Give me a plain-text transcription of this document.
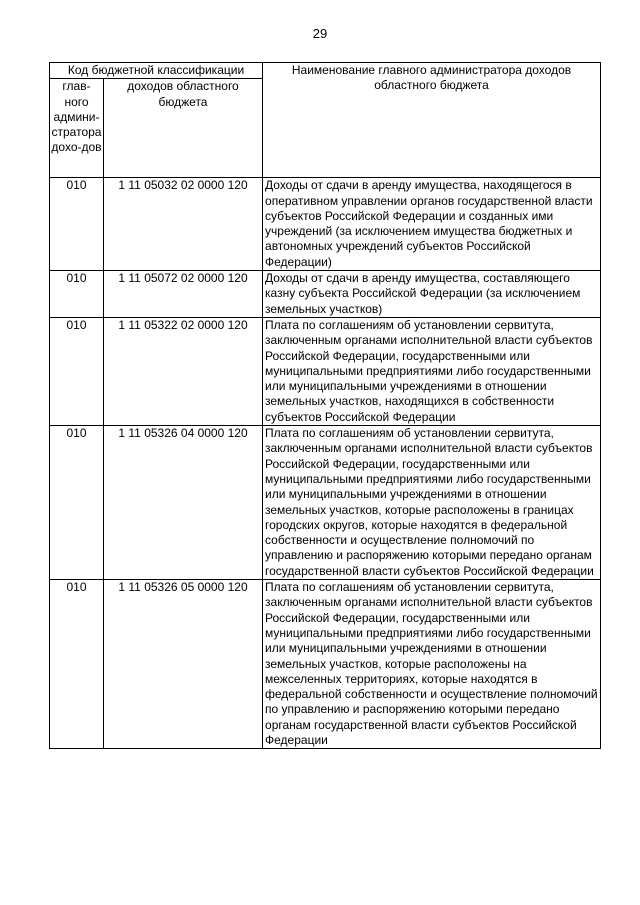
29
Код бюджетной классификации		Наименование главного администратора доходов областного бюджета
глав-ного админи-стратора дохо-дов	доходов областного бюджета	
010	1 11 05032 02 0000 120	Доходы от сдачи в аренду имущества, находящегося в оперативном управлении органов государственной власти субъектов Российской Федерации и созданных ими учреждений (за исключением имущества бюджетных и автономных учреждений субъектов Российской Федерации)
010	1 11 05072 02 0000 120	Доходы от сдачи в аренду имущества, составляющего казну субъекта Российской Федерации (за исключением земельных участков)
010	1 11 05322 02 0000 120	Плата по соглашениям об установлении сервитута, заключенным органами исполнительной власти субъектов Российской Федерации, государственными или муниципальными предприятиями либо государственными или муниципальными учреждениями в отношении земельных участков, находящихся в собственности субъектов Российской Федерации
010	1 11 05326 04 0000 120	Плата по соглашениям об установлении сервитута, заключенным органами исполнительной власти субъектов Российской Федерации, государственными или муниципальными предприятиями либо государственными или муниципальными учреждениями в отношении земельных участков, которые расположены в границах городских округов, которые находятся в федеральной собственности и осуществление полномочий по управлению и распоряжению которыми передано органам государственной власти субъектов Российской Федерации
010	1 11 05326 05 0000 120	Плата по соглашениям об установлении сервитута, заключенным органами исполнительной власти субъектов Российской Федерации, государственными или муниципальными предприятиями либо государственными или муниципальными учреждениями в отношении земельных участков, которые расположены на межселенных территориях, которые находятся в федеральной собственности и осуществление полномочий по управлению и распоряжению которыми передано органам государственной власти субъектов Российской Федерации
